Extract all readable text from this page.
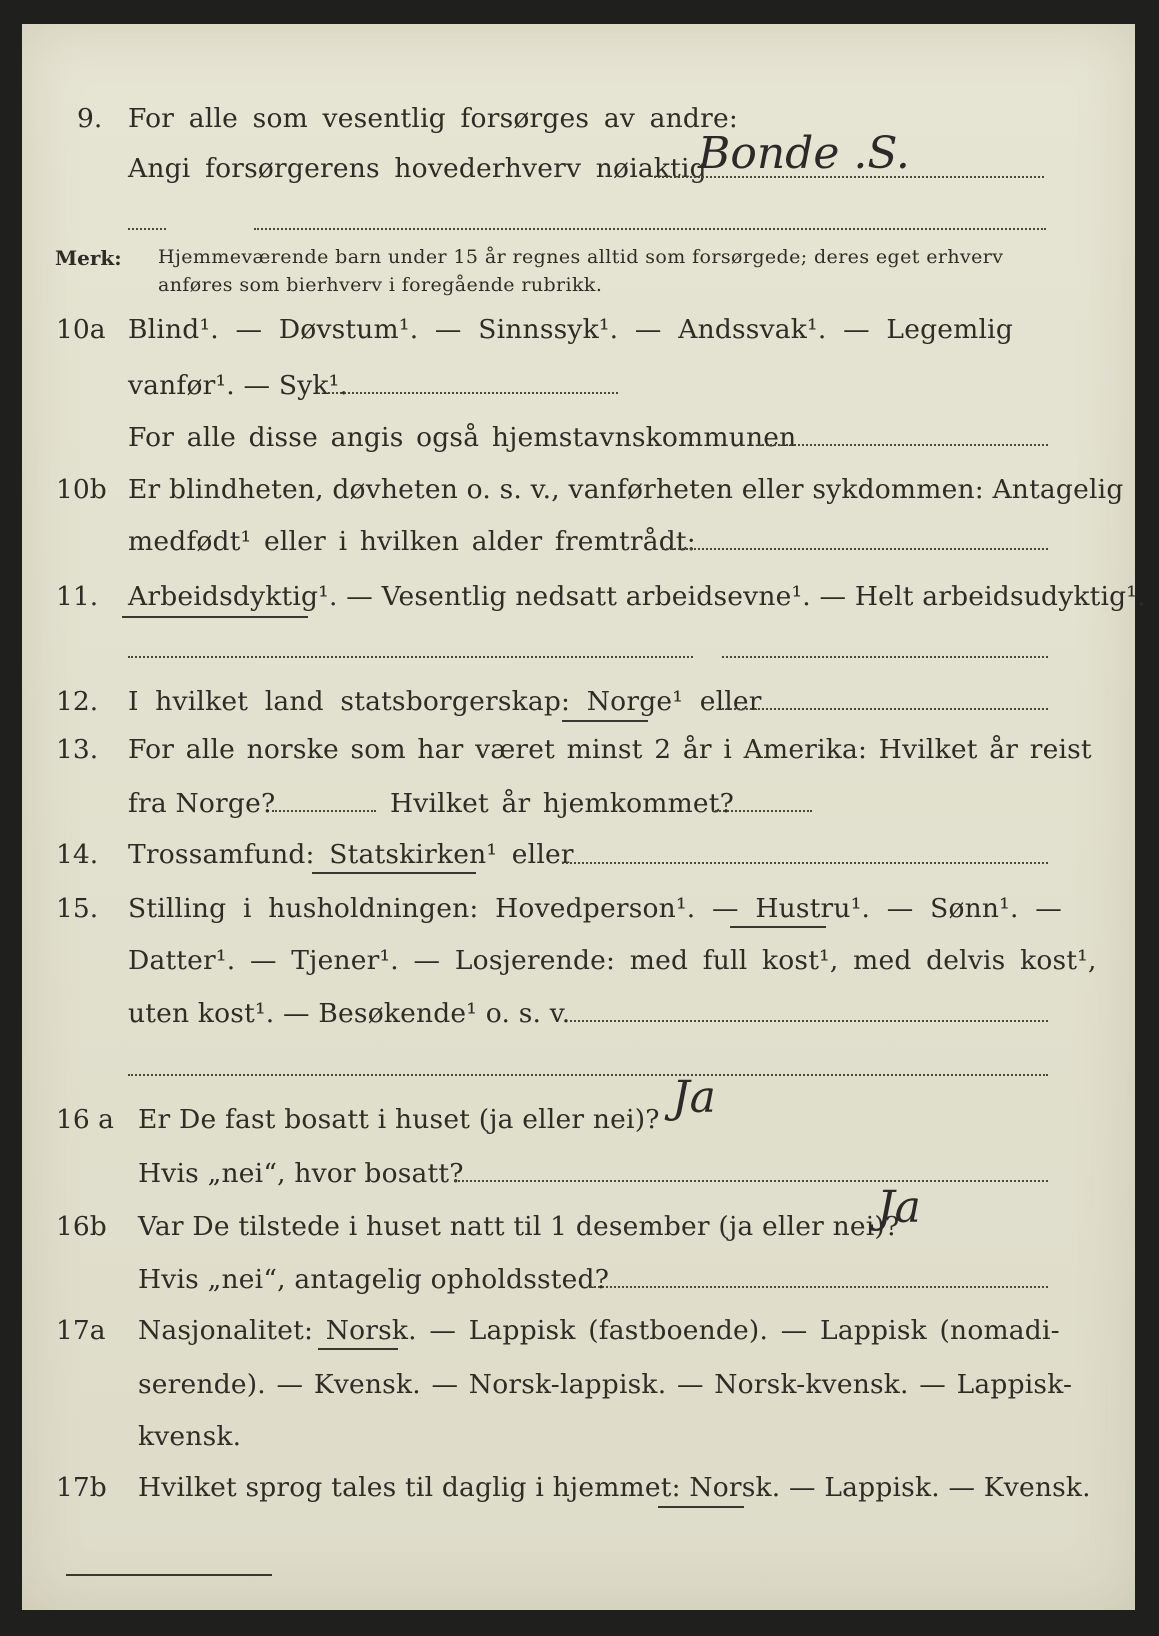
9. For alle som vesentlig forsørges av andre:
Angi forsørgerens hovederhverv nøiaktig
Bonde .S.
Merk: Hjemmeværende barn under 15 år regnes alltid som forsørgede; deres eget erhverv
anføres som bierhverv i foregående rubrikk.
10a Blind¹. — Døvstum¹. — Sinnssyk¹. — Andssvak¹. — Legemlig
vanfør¹. — Syk¹.
For alle disse angis også hjemstavnskommunen
10b Er blindheten, døvheten o. s. v., vanførheten eller sykdommen: Antagelig
medfødt¹ eller i hvilken alder fremtrådt:
11. Arbeidsdyktig¹. — Vesentlig nedsatt arbeidsevne¹. — Helt arbeidsudyktig¹.
12. I hvilket land statsborgerskap: Norge¹ eller
13. For alle norske som har været minst 2 år i Amerika: Hvilket år reist
fra Norge?	Hvilket år hjemkommet?
14. Trossamfund: Statskirken¹ eller
15. Stilling i husholdningen: Hovedperson¹. — Hustru¹. — Sønn¹. —
Datter¹. — Tjener¹. — Losjerende: med full kost¹, med delvis kost¹,
uten kost¹. — Besøkende¹ o. s. v.
16 a Er De fast bosatt i huset (ja eller nei)? Ja
Hvis „nei“, hvor bosatt?
16b Var De tilstede i huset natt til 1 desember (ja eller nei)?
Ja
Hvis „nei“, antagelig opholdssted?
17a Nasjonalitet: Norsk. — Lappisk (fastboende). — Lappisk (nomadi-
serende). — Kvensk. — Norsk-lappisk. — Norsk-kvensk. — Lappisk-
kvensk.
17b Hvilket sprog tales til daglig i hjemmet: Norsk. — Lappisk. — Kvensk.
